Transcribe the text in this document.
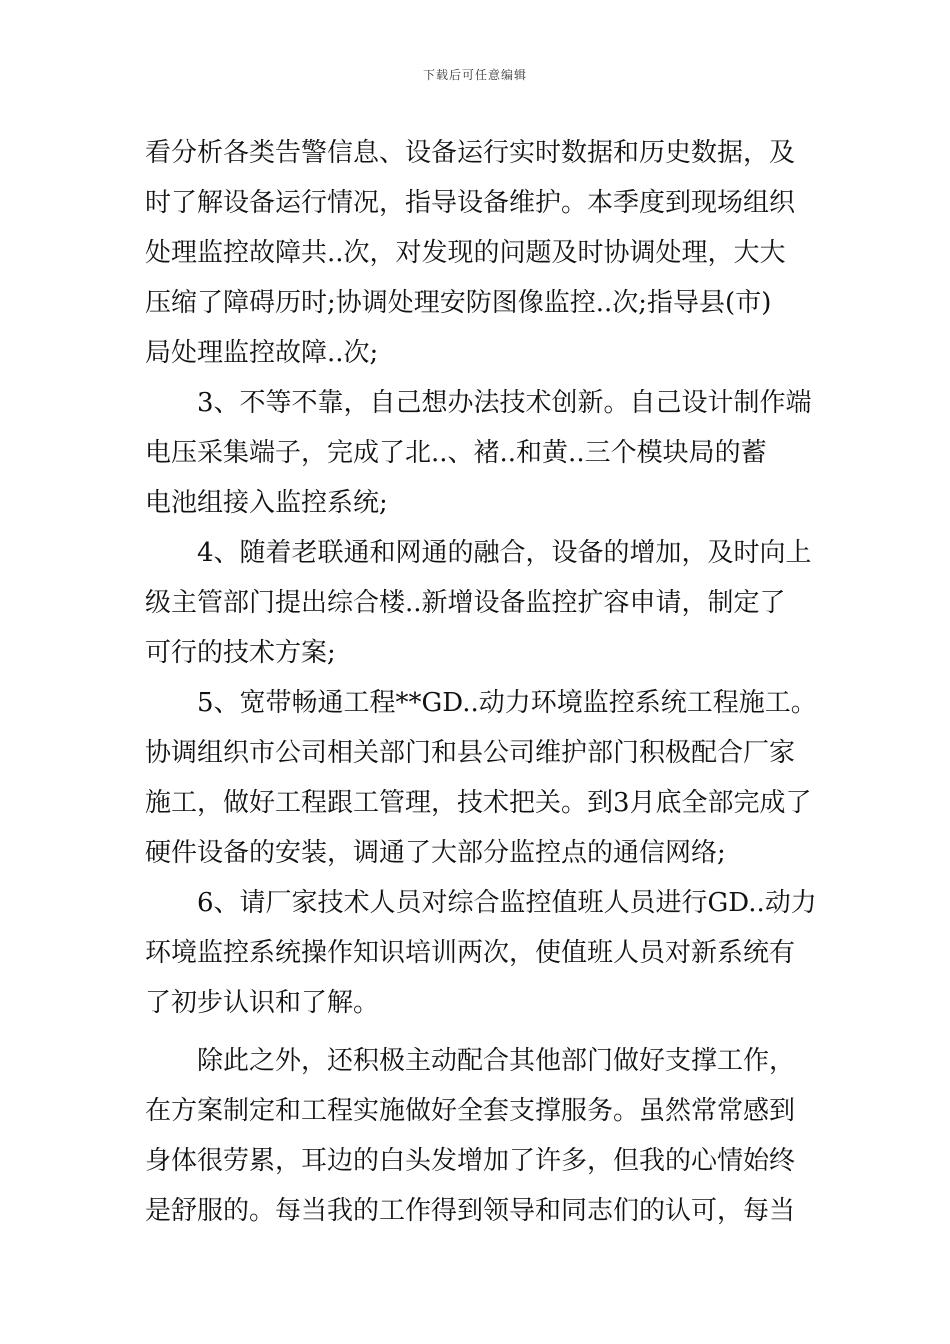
下载后可任意编辑
看分析各类告警信息、设备运行实时数据和历史数据，及
时了解设备运行情况，指导设备维护。本季度到现场组织
处理监控故障共..次，对发现的问题及时协调处理，大大
压缩了障碍历时;协调处理安防图像监控..次;指导县(市)
局处理监控故障..次;
3、不等不靠，自己想办法技术创新。自己设计制作端
电压采集端子，完成了北..、褚..和黄..三个模块局的蓄
电池组接入监控系统;
4、随着老联通和网通的融合，设备的增加，及时向上
级主管部门提出综合楼..新增设备监控扩容申请，制定了
可行的技术方案;
5、宽带畅通工程**GD..动力环境监控系统工程施工。
协调组织市公司相关部门和县公司维护部门积极配合厂家
施工，做好工程跟工管理，技术把关。到3月底全部完成了
硬件设备的安装，调通了大部分监控点的通信网络;
6、请厂家技术人员对综合监控值班人员进行GD..动力
环境监控系统操作知识培训两次，使值班人员对新系统有
了初步认识和了解。
除此之外，还积极主动配合其他部门做好支撑工作，
在方案制定和工程实施做好全套支撑服务。虽然常常感到
身体很劳累，耳边的白头发增加了许多，但我的心情始终
是舒服的。每当我的工作得到领导和同志们的认可，每当
